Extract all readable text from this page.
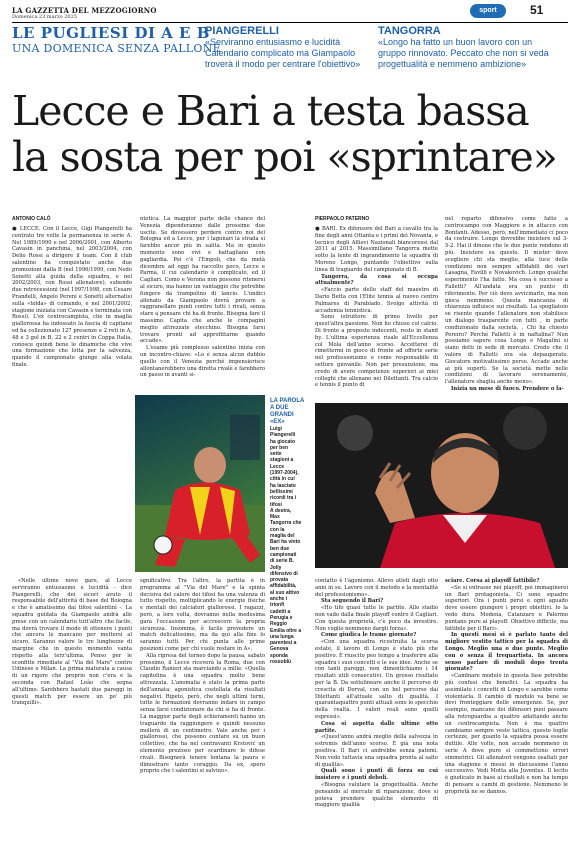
LA GAZZETTA DEL MEZZOGIORNO
Domenica 23 marzo 2025
sport	51
LE PUGLIESI DI A E B
UNA DOMENICA SENZA PALLONE
PIANGERELLI
«Serviranno entusiasmo e lucidità
Calendario complicato ma Giampaolo
troverà il modo per centrare l'obiettivo»
TANGORRA
«Longo ha fatto un buon lavoro con un
gruppo rinnovato. Peccato che non si veda
progettualità e nemmeno ambizione»
Lecce e Bari a testa bassa
la sosta per poi «sprintare»
ANTONIO CALÒ

● LECCE. Con il Lecce, Gigi Piangerelli ha centrato tre volte la permanenza in serie A. Nel 1989/1990 e nel 2006/2001, con Alberto Cavasin in panchina, nel 2003/2004, con Delio Rossi a dirigere il team. Con il club salentino ha conquistato anche due promozioni dalla B (nel 1996/1999, con Nedo Sonetti alla guida della squadra, e nel 2002/2003, con Rossi allenatore), subendo due retrocessioni (nel 1997/1998, con Cesare Prandelli, Angelo Pereni e Sonetti alternatisi sulla «tolda» di comando, e nel 2001/2002, stagione iniziata con Cavasin e terminata con Rossi). L'ex centrocampista, che in maglia giallorossa ha indossato la fascia di capitano ed ha collezionato 127 presenze e 2 reti in A, 48 e 3 gol in B, 22 e 2 centri in Coppa Italia, conosce quindi bene le dinamiche che vive una formazione che lotta per la salvezza, quando il campionato giunge alla volata finale.

«Nelle ultime nove gare, al Lecce serviranno entusiasmo e lucidità - dice Piangerelli, che dei sicuri avuto il responsabile dell'attività di base del Bologna e che è amatissimo dai tifosi salentini -. La squadra guidata da Giampaolo andrà alle prese con un calendario tutt'altro che facile, ma dovrà trovare il modo di ottenere i punti che ancora le mancano per mettersi al sicuro. Saranno valore le tre lunghezze di margine che in questo momento vanta rispetto alla terz'ultima. Penso per le sconfitte rimediate al "Via del Mare" contro Udinese e Milan. La prima maturata a causa di un rigore che proprio non c'era e la seconda con Rafael Leão che segna all'ultimo. Sarebbero bastati due pareggi in questi match per essere un po' più tranquilli».

sgnificativo. Tra l'altro, la partita è in programma al "Via del Mare" e la spinta decisiva del calore dei tifosi ha una valenza di tutto rispetto, moltiplicando le energie fisiche e mentali dei calciatori giallorossi. I ragazzi, però, a loro volta, dovranno nella medesima gara l'occasione per accrescere la propria sicurezza. Insomma, è facile prevedere un match delicatissimo, ma da qui alla fine lo saranno tutti. Per chi punta alle prime posizioni come per chi vuole restare in A».

Alla ripresa del torneo dopo la pausa, sabato prossimo, il Lecce riceverà la Roma, due con Claudio Ranieri sta marciando a mille: «Quella capitolina è una squadra molto bene attrezzata. L'anomalia è stato la prima parte dell'annata: agonistica costellata da risultati negativi. Ripeto, però, che negli ultimi turni, tutte le formazioni dovranno indare in campo senza farsi condizionare da chi si ha di fronte. La maggior parte degli schieramenti hanno un traguardo da raggiungere e quindi nessuno mollerà di un centimetro. Vale anche per i giallorossi, che possono contare su un buon collettivo, che ha nel centravanti Krstović un elemento prezioso per scardinare le difese rivali. Bisognerà tenere lontana la paura e dimostrare tanto coraggio. Da ex, spero proprio che i salentini si salvino».

ntotica. La maggior parte delle chance del Venezia dipenderanno dalle prossime due uscite. Se dovessero perdere contro noi del Bologna ed a Lecce, per i lagunari la strada si farebbe ancor più in salita. Ma in questo momento sono vivi e battagliano con gagliardia. Poi c'è l'Empoli, che da metà dicembre ad oggi ha raccolto poco, Lecce e Parma, il cui calendario è complicato, ed il Cagliari. Como e Verona non possono ritenersi al sicuro, ma hanno un vantaggio che potrebbe fungere da trampolino di lancio. L'undici allenato da Giampaolo dovrà provare a raggranellare punti contro tutti i rivali, senza stare a pensare chi ha di fronte. Bisogna fare il massimo. Capita che anche le compagini meglio attrezzate stecchino. Bisogna farsi trovare pronti ad approfittarne quando accade».

L'esame più complesso salentino inizia con un incontro-chiave: «Lo è senza alcun dubbio quello con il Venezia perché impensierisce allontanerebbero una diretta rivale e farebbero un passo in avanti si-

LA PAROLA
A DUE
GRANDI
«EX»
Luigi
Piangerelli
ha giocato
per ben
sette
stagioni a
Lecce
(1997-2004),
città in cui
ha lasciato
bellissimi
ricordi tra i
tifosi
A destra,
Max
Tangorra che
con la
maglia del
Bari ha vinto
ben due
campionati
di serie B.
Jolly
difensivo di
provata
affidabilità,
al suo attivo
anche i
trionfi
cadetti a
Perugia e
Reggio
Emilia oltre a
una lunga
parentesi a
Genova
sponda
rossoblù
PIERPAOLO PATERNO

● BARI. Ex difensore del Bari a cavallo tra la fine degli anni Ottanta e i primi del Novanta, e tecnico degli Allievi Nazionali biancorossi dal 2011 al 2015. Massimiliano Tangorra mette sotto la lente di ingrandimento la squadra di Moreno Longo, puntando l'obiettivo sulla linea di traguardo del campionato di B.

Tangorra, da cosa si occupa attualmente?

«Faccio parte dello staff del maestro di Dario Betta con l'Elite tennis al nuovo centro Palmares di Parabiado. Svolgo attività di accademia tennistica.

Sono istruttore di primo livello per quest'altra passione. Non ho chiuso col calcio. Di fronte a proposte indecenti, resto in stand by. L'ultima esperienza risale all'Eccellenza col Mola dell'anno scorso. Accetterei di rimettermi in gioco di fronte ad offerte serie nel professionismo o come responsabile di settore giovanile. Non per presunzione, ma credo di avere competenze superiori ai miei colleghi che allenano nei Dilettanti. Tra calcio e tennis il punto di

contatto è l'agonismo. Allevo atleti dagli otto anni in su. Lavoro con il metodo e la mentalità del professionismo».

Sta seguendo il Bari?

«Ho tifo quasi tutte le partite. Allo stadio non vado dalla finale playoff contro il Cagliari. Con questa proprietà, c'è poco da investire. Non voglio nemmeno dargli forza».

Come giudica le trame giornate?

«Con una squadra ricostruita la scorsa estate, il lavoro di Longo è stato più che positivo. È riuscito peo tempo a trasferire alla squadra i suoi concetti e le sue idee. Anche se con tanti pareggi, non dimentichiamo i 14 risultati utili consecutivi. Un grosso risultato per la B. Da sottolineare anche il percorso di crescita di Dorval, con un bel percorso dai Dilettanti all'attuale salto di qualità. I quarantaquattro punti attuali sono lo specchio della realtà. I valori reali sono quelli espressi».

Cosa si aspetta dalle ultime otto partite.

«Quest'anno andrà meglio della salvezza in estremis dell'anno scorso. È già una nota positiva. Il Bari ci andrebbe senza patemi. Non vedo tuttavia una squadra pronta al salto di qualità».

Quali sono i punti di forza su cui insistere e i punti deboli.

«Bisogna valutare la progettualità. Anche pensando al mercato di riparazione, dove si poteva prendere qualche elemento di maggiore qualità

nel reparto difensivo come fatto a centrocampo con Maggiore e in attacco con Bonfanti. Adesso, però, nell'immediato ci poco da costruire. Longo dovrebbe insistere sul 3-5-2. Hai il dinone che le due punte rendono di più. Insistere su questo. Il mister deve scegliere chi sta meglio, alla luce delle condizioni non sempre affidabili dei vari Lasagna, Favilli e Novakovich. Longo qualche esperimento l'ha fatto. Ma cosa è successo a Falletti? All'andata era un punto di riferimento. Per ciò devo avvicinarlo, ma non gioca nemmeno. Questa mancanza di chiarezza influisce sui risultati. La spogliatoio se risente quando l'allenatore non stabilisce un dialogo trasparente con tutti , in parte condizionato dalla società. . Chi ha chiesto Pereiro? Perché Falletti è in naftalina? Non possiamo sapere cosa Longo e Magalini si siano detti in sede di mercato. Credo che il valore di Falletti ora sia depauperato. Giocatore motivatissimo perso. Accade anche ai più superti. Se la società mette nelle condizioni di lavorare serenamente, l'allenatore sbaglia anche meno».

Inizia un mese di fuoco. Prendere o la-

sciare. Corsa ai playoff fattibile?

«Se si entrasse nei playoff, poi immaginerei un Bari protagonista. Ci sono squadre superiori. Ora i punti persi e ogni aguado deve essere giungere i propri obiettivi. Io la vedo dura. Modena, Catanzaro e Palermo puntano pure ai playoff. Obiettivo difficile, ma fattibile per il Bari».

In questi mesi si è parlato tanto del migliore vestito tattico per la squadra di Longo. Meglio una o due punte. Meglio con o senza il trequartista. In ancora senso parlare di moduli dopo trenta giornate?

«Cambiare modulo in questa fase potrebbe più confusi che benefici. La squadra ha assimilato i concetti di Longo e sarebbe come violentarla. Il cambio di modulo va bene se devi fronteggiare delle emergenze. Se, per esempio, mancano dei difensori puoi passare alla retroguardia a quattro adattando anche un centrocampista. Non è ma quattro cambiamo sempre veste tattica, questo toglie certezze, per quanto la squadra possa essere duttile. Alle volte, non accade nemmeno in serie A dove pure si commettono errori simmetrici. Gli allenatori vengono osaltati per una stagione e messi in discussione l'anno successivo. Vedi Motta alla Juventus. Il lecito è giudicato in base ai risultati e non ha tempo di pensare a cambi di gestione. Nemmeno le proprietà ne se dannos.
